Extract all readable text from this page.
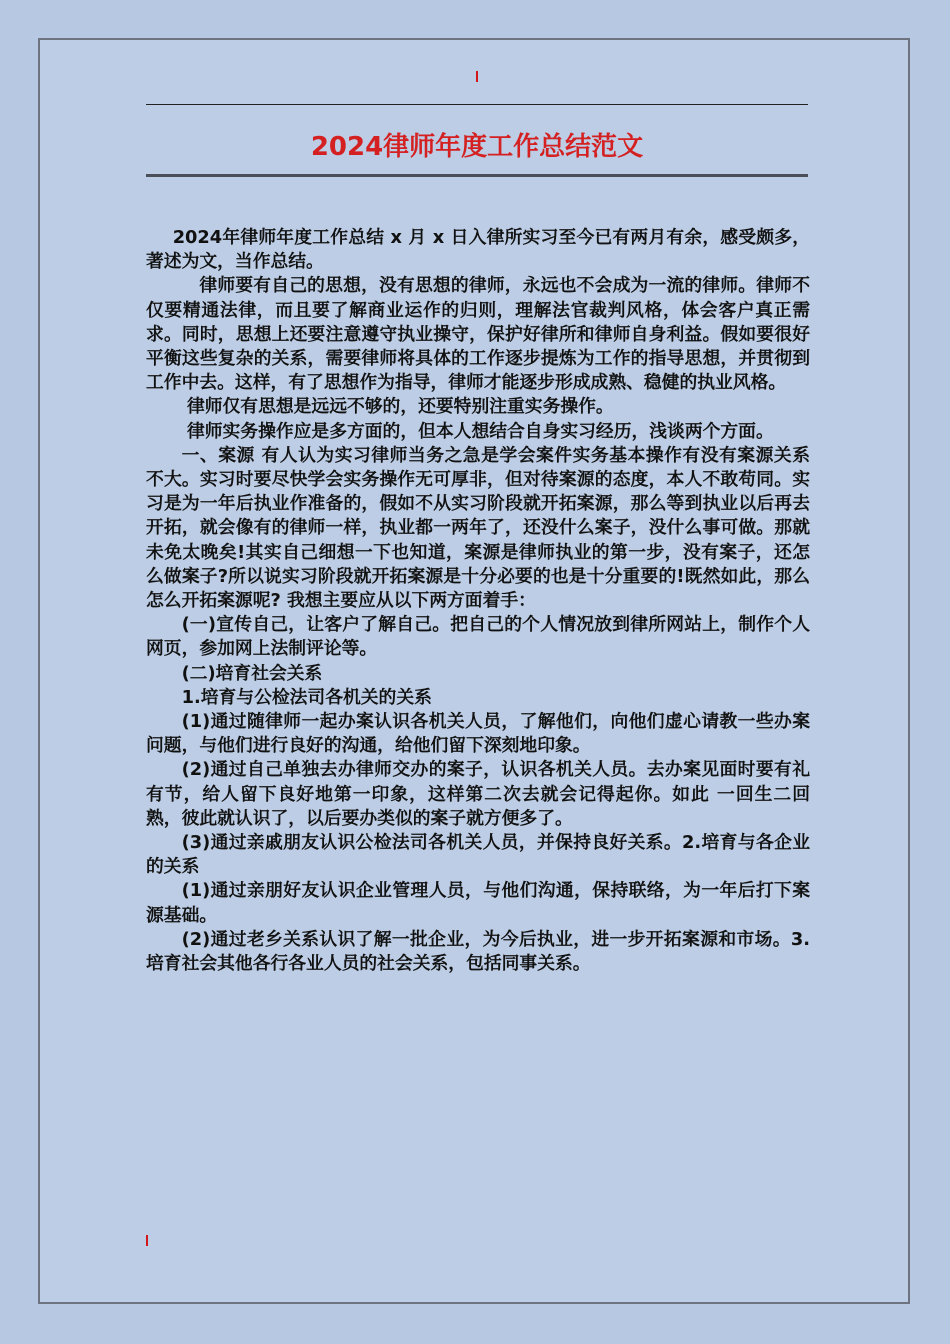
2024律师年度工作总结范文

2024年律师年度工作总结 x 月 x 日入律所实习至今已有两月有余，感受颇多，著述为文，当作总结。

律师要有自己的思想，没有思想的律师，永远也不会成为一流的律师。律师不仅要精通法律，而且要了解商业运作的归则，理解法官裁判风格，体会客户真正需求。同时，思想上还要注意遵守执业操守，保护好律所和律师自身利益。假如要很好平衡这些复杂的关系，需要律师将具体的工作逐步提炼为工作的指导思想，并贯彻到工作中去。这样，有了思想作为指导，律师才能逐步形成成熟、稳健的执业风格。

律师仅有思想是远远不够的，还要特别注重实务操作。

律师实务操作应是多方面的，但本人想结合自身实习经历，浅谈两个方面。

一、案源 有人认为实习律师当务之急是学会案件实务基本操作有没有案源关系不大。实习时要尽快学会实务操作无可厚非，但对待案源的态度，本人不敢苟同。实习是为一年后执业作准备的，假如不从实习阶段就开拓案源，那么等到执业以后再去开拓，就会像有的律师一样，执业都一两年了，还没什么案子，没什么事可做。那就未免太晚矣!其实自己细想一下也知道，案源是律师执业的第一步，没有案子，还怎么做案子?所以说实习阶段就开拓案源是十分必要的也是十分重要的!既然如此，那么怎么开拓案源呢? 我想主要应从以下两方面着手：

(一)宣传自己，让客户了解自己。把自己的个人情况放到律所网站上，制作个人网页，参加网上法制评论等。

(二)培育社会关系

1.培育与公检法司各机关的关系

(1)通过随律师一起办案认识各机关人员，了解他们，向他们虚心请教一些办案问题，与他们进行良好的沟通，给他们留下深刻地印象。

(2)通过自己单独去办律师交办的案子，认识各机关人员。去办案见面时要有礼有节，给人留下良好地第一印象，这样第二次去就会记得起你。如此 一回生二回熟，彼此就认识了，以后要办类似的案子就方便多了。

(3)通过亲戚朋友认识公检法司各机关人员，并保持良好关系。2.培育与各企业的关系

(1)通过亲朋好友认识企业管理人员，与他们沟通，保持联络，为一年后打下案源基础。

(2)通过老乡关系认识了解一批企业，为今后执业，进一步开拓案源和市场。3.培育社会其他各行各业人员的社会关系，包括同事关系。
